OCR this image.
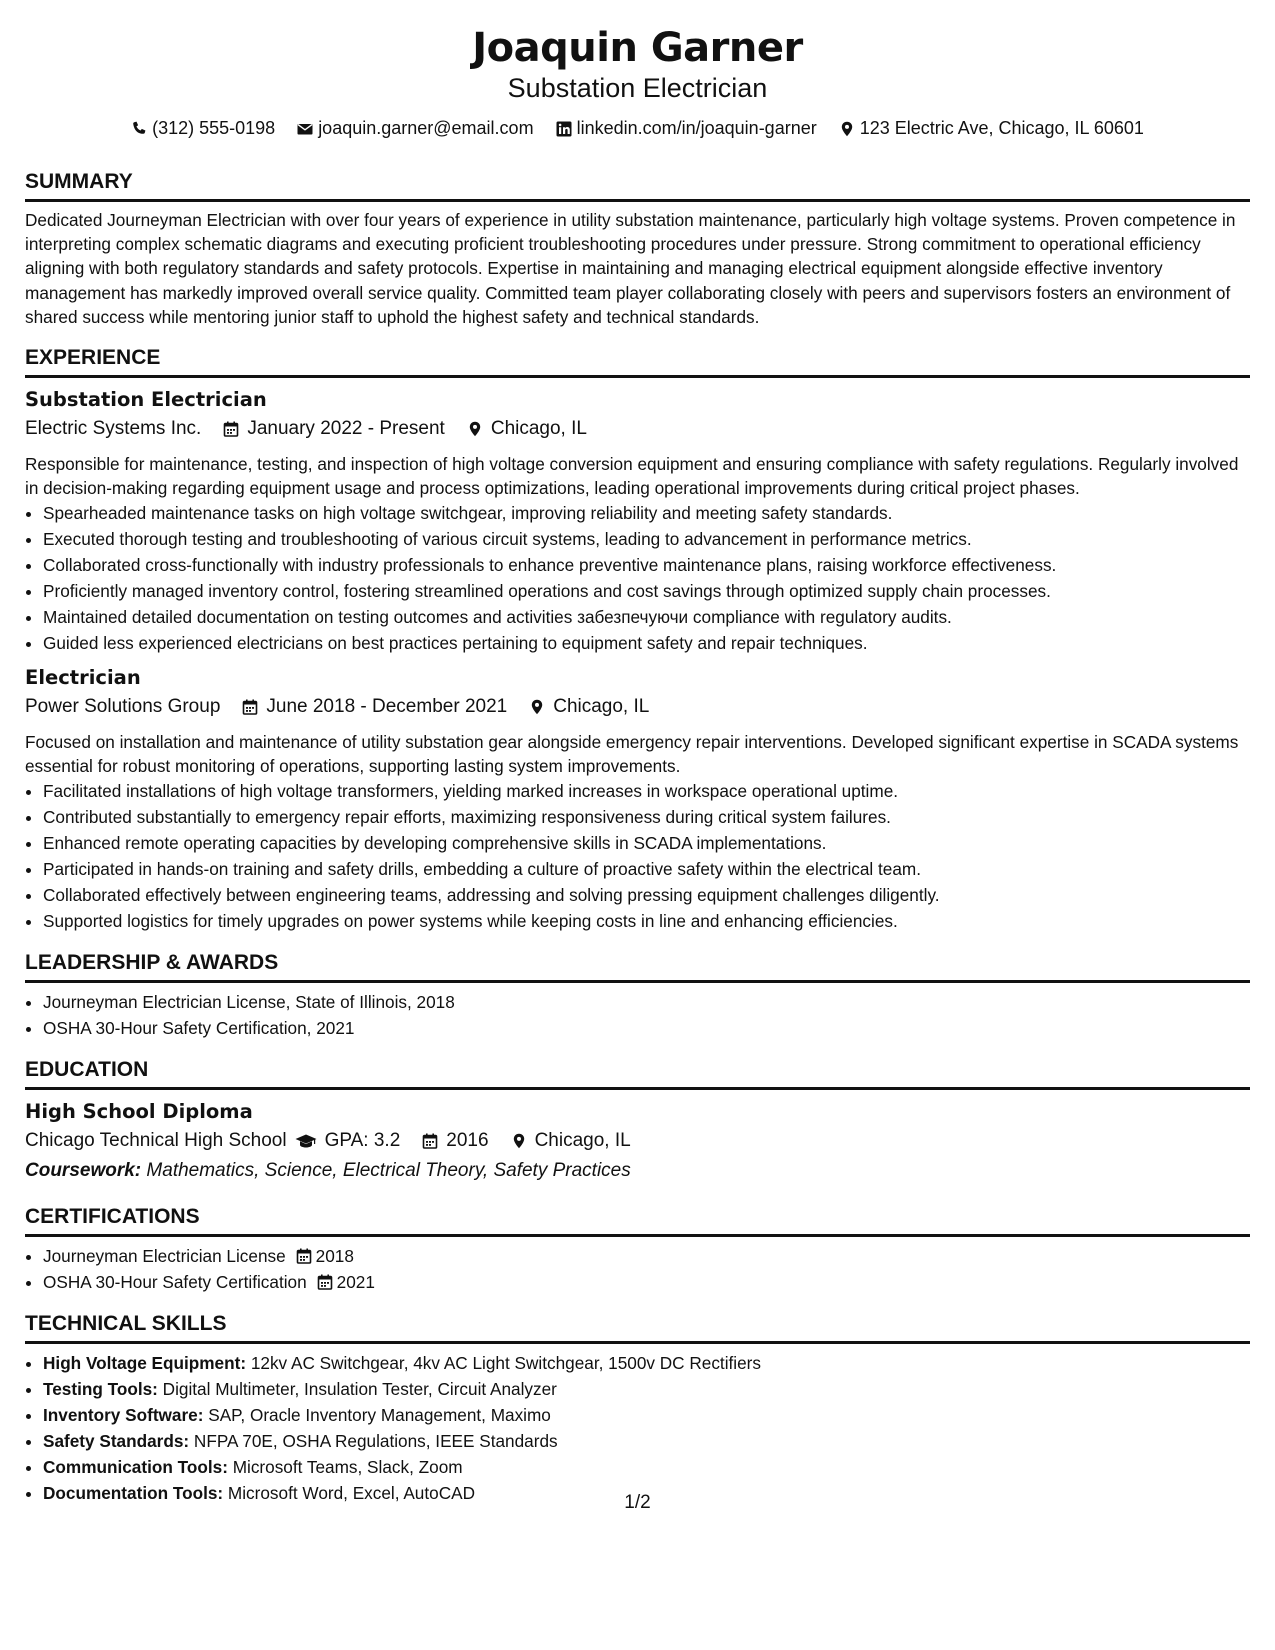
Joaquin Garner
Substation Electrician
(312) 555-0198 joaquin.garner@email.com linkedin.com/in/joaquin-garner 123 Electric Ave, Chicago, IL 60601
SUMMARY
Dedicated Journeyman Electrician with over four years of experience in utility substation maintenance, particularly high voltage systems. Proven competence in interpreting complex schematic diagrams and executing proficient troubleshooting procedures under pressure. Strong commitment to operational efficiency aligning with both regulatory standards and safety protocols. Expertise in maintaining and managing electrical equipment alongside effective inventory management has markedly improved overall service quality. Committed team player collaborating closely with peers and supervisors fosters an environment of shared success while mentoring junior staff to uphold the highest safety and technical standards.
EXPERIENCE
Substation Electrician
Electric Systems Inc. January 2022 - Present Chicago, IL
Responsible for maintenance, testing, and inspection of high voltage conversion equipment and ensuring compliance with safety regulations. Regularly involved in decision-making regarding equipment usage and process optimizations, leading operational improvements during critical project phases.
• Spearheaded maintenance tasks on high voltage switchgear, improving reliability and meeting safety standards.
• Executed thorough testing and troubleshooting of various circuit systems, leading to advancement in performance metrics.
• Collaborated cross-functionally with industry professionals to enhance preventive maintenance plans, raising workforce effectiveness.
• Proficiently managed inventory control, fostering streamlined operations and cost savings through optimized supply chain processes.
• Maintained detailed documentation on testing outcomes and activities забезпечуючи compliance with regulatory audits.
• Guided less experienced electricians on best practices pertaining to equipment safety and repair techniques.
Electrician
Power Solutions Group June 2018 - December 2021 Chicago, IL
Focused on installation and maintenance of utility substation gear alongside emergency repair interventions. Developed significant expertise in SCADA systems essential for robust monitoring of operations, supporting lasting system improvements.
• Facilitated installations of high voltage transformers, yielding marked increases in workspace operational uptime.
• Contributed substantially to emergency repair efforts, maximizing responsiveness during critical system failures.
• Enhanced remote operating capacities by developing comprehensive skills in SCADA implementations.
• Participated in hands-on training and safety drills, embedding a culture of proactive safety within the electrical team.
• Collaborated effectively between engineering teams, addressing and solving pressing equipment challenges diligently.
• Supported logistics for timely upgrades on power systems while keeping costs in line and enhancing efficiencies.
LEADERSHIP & AWARDS
• Journeyman Electrician License, State of Illinois, 2018
• OSHA 30-Hour Safety Certification, 2021
EDUCATION
High School Diploma
Chicago Technical High School GPA: 3.2 2016 Chicago, IL
Coursework: Mathematics, Science, Electrical Theory, Safety Practices
CERTIFICATIONS
• Journeyman Electrician License 2018
• OSHA 30-Hour Safety Certification 2021
TECHNICAL SKILLS
• High Voltage Equipment: 12kv AC Switchgear, 4kv AC Light Switchgear, 1500v DC Rectifiers
• Testing Tools: Digital Multimeter, Insulation Tester, Circuit Analyzer
• Inventory Software: SAP, Oracle Inventory Management, Maximo
• Safety Standards: NFPA 70E, OSHA Regulations, IEEE Standards
• Communication Tools: Microsoft Teams, Slack, Zoom
• Documentation Tools: Microsoft Word, Excel, AutoCAD	1/2
